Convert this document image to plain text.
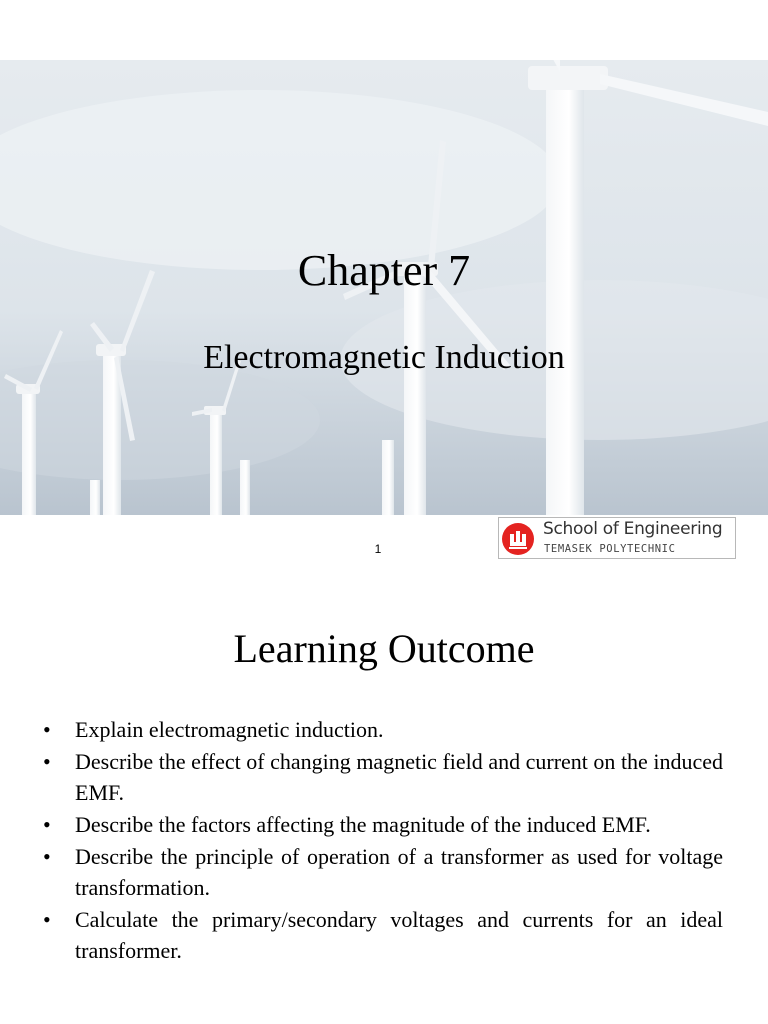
Chapter 7
Electromagnetic Induction
1
School of Engineering
TEMASEK POLYTECHNIC
Learning Outcome
• Explain electromagnetic induction.
• Describe the effect of changing magnetic field and current on the induced EMF.
• Describe the factors affecting the magnitude of the induced EMF.
• Describe the principle of operation of a transformer as used for voltage transformation.
• Calculate the primary/secondary voltages and currents for an ideal transformer.
